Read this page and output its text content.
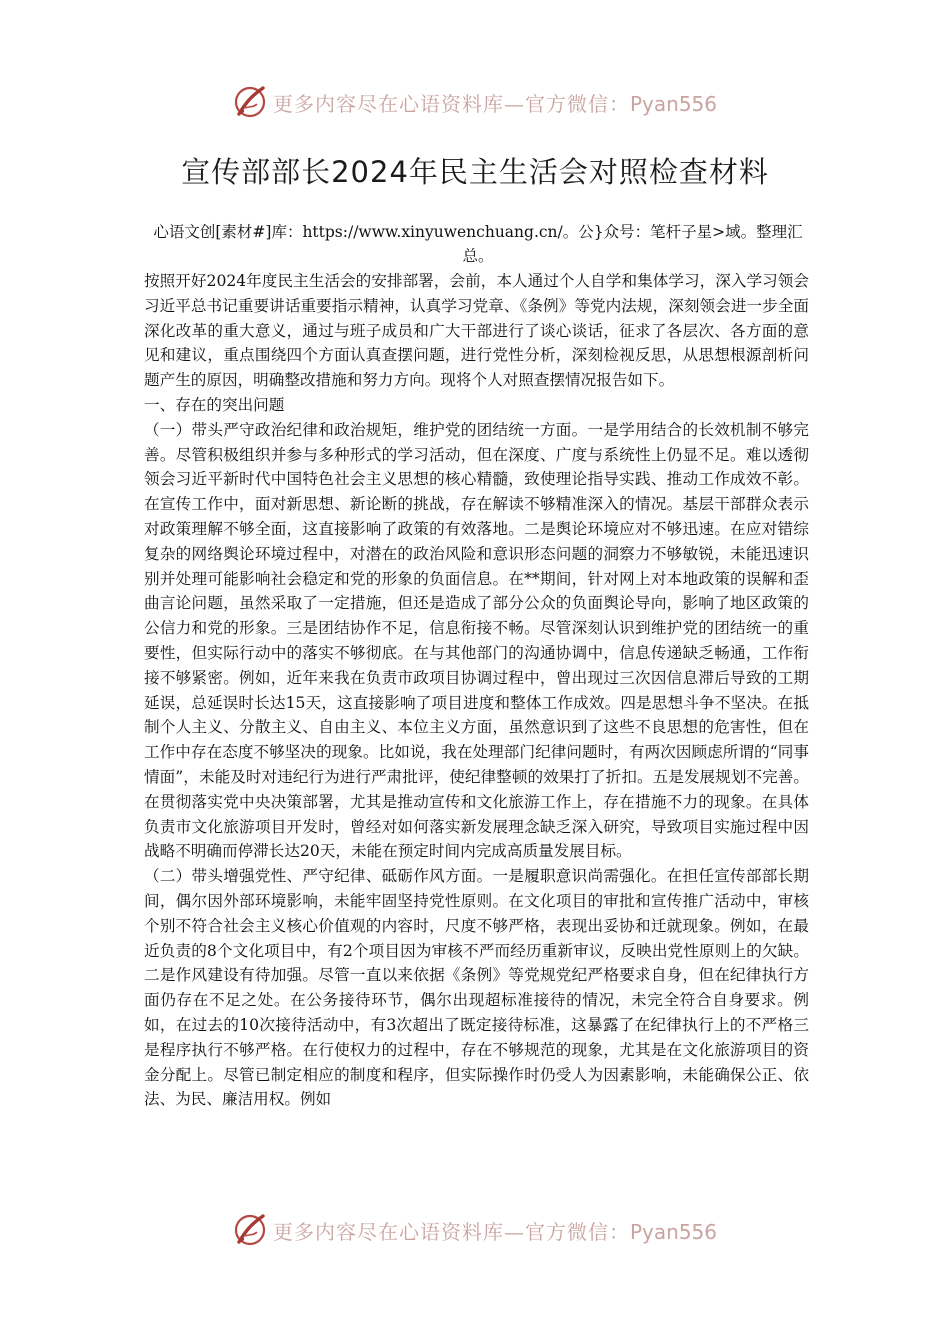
更多内容尽在心语资料库—官方微信：Pyan556
宣传部部长2024年民主生活会对照检查材料
心语文创[素材#]库：https://www.xinyuwenchuang.cn/。公}众号：笔杆子星>域。整理汇总。

按照开好2024年度民主生活会的安排部署，会前，本人通过个人自学和集体学习，深入学习领会习近平总书记重要讲话重要指示精神，认真学习党章、《条例》等党内法规，深刻领会进一步全面深化改革的重大意义，通过与班子成员和广大干部进行了谈心谈话，征求了各层次、各方面的意见和建议，重点围绕四个方面认真查摆问题，进行党性分析，深刻检视反思，从思想根源剖析问题产生的原因，明确整改措施和努力方向。现将个人对照查摆情况报告如下。

一、存在的突出问题

（一）带头严守政治纪律和政治规矩，维护党的团结统一方面。一是学用结合的长效机制不够完善。尽管积极组织并参与多种形式的学习活动，但在深度、广度与系统性上仍显不足。难以透彻领会习近平新时代中国特色社会主义思想的核心精髓，致使理论指导实践、推动工作成效不彰。在宣传工作中，面对新思想、新论断的挑战，存在解读不够精准深入的情况。基层干部群众表示对政策理解不够全面，这直接影响了政策的有效落地。二是舆论环境应对不够迅速。在应对错综复杂的网络舆论环境过程中，对潜在的政治风险和意识形态问题的洞察力不够敏锐，未能迅速识别并处理可能影响社会稳定和党的形象的负面信息。在**期间，针对网上对本地政策的误解和歪曲言论问题，虽然采取了一定措施，但还是造成了部分公众的负面舆论导向，影响了地区政策的公信力和党的形象。三是团结协作不足，信息衔接不畅。尽管深刻认识到维护党的团结统一的重要性，但实际行动中的落实不够彻底。在与其他部门的沟通协调中，信息传递缺乏畅通，工作衔接不够紧密。例如，近年来我在负责市政项目协调过程中，曾出现过三次因信息滞后导致的工期延误，总延误时长达15天，这直接影响了项目进度和整体工作成效。四是思想斗争不坚决。在抵制个人主义、分散主义、自由主义、本位主义方面，虽然意识到了这些不良思想的危害性，但在工作中存在态度不够坚决的现象。比如说，我在处理部门纪律问题时，有两次因顾虑所谓的“同事情面”，未能及时对违纪行为进行严肃批评，使纪律整顿的效果打了折扣。五是发展规划不完善。在贯彻落实党中央决策部署，尤其是推动宣传和文化旅游工作上，存在措施不力的现象。在具体负责市文化旅游项目开发时，曾经对如何落实新发展理念缺乏深入研究，导致项目实施过程中因战略不明确而停滞长达20天，未能在预定时间内完成高质量发展目标。

（二）带头增强党性、严守纪律、砥砺作风方面。一是履职意识尚需强化。在担任宣传部部长期间，偶尔因外部环境影响，未能牢固坚持党性原则。在文化项目的审批和宣传推广活动中，审核个别不符合社会主义核心价值观的内容时，尺度不够严格，表现出妥协和迁就现象。例如，在最近负责的8个文化项目中，有2个项目因为审核不严而经历重新审议，反映出党性原则上的欠缺。二是作风建设有待加强。尽管一直以来依据《条例》等党规党纪严格要求自身，但在纪律执行方面仍存在不足之处。在公务接待环节，偶尔出现超标准接待的情况，未完全符合自身要求。例如，在过去的10次接待活动中，有3次超出了既定接待标准，这暴露了在纪律执行上的不严格三是程序执行不够严格。在行使权力的过程中，存在不够规范的现象，尤其是在文化旅游项目的资金分配上。尽管已制定相应的制度和程序，但实际操作时仍受人为因素影响，未能确保公正、依法、为民、廉洁用权。例如

更多内容尽在心语资料库—官方微信：Pyan556
